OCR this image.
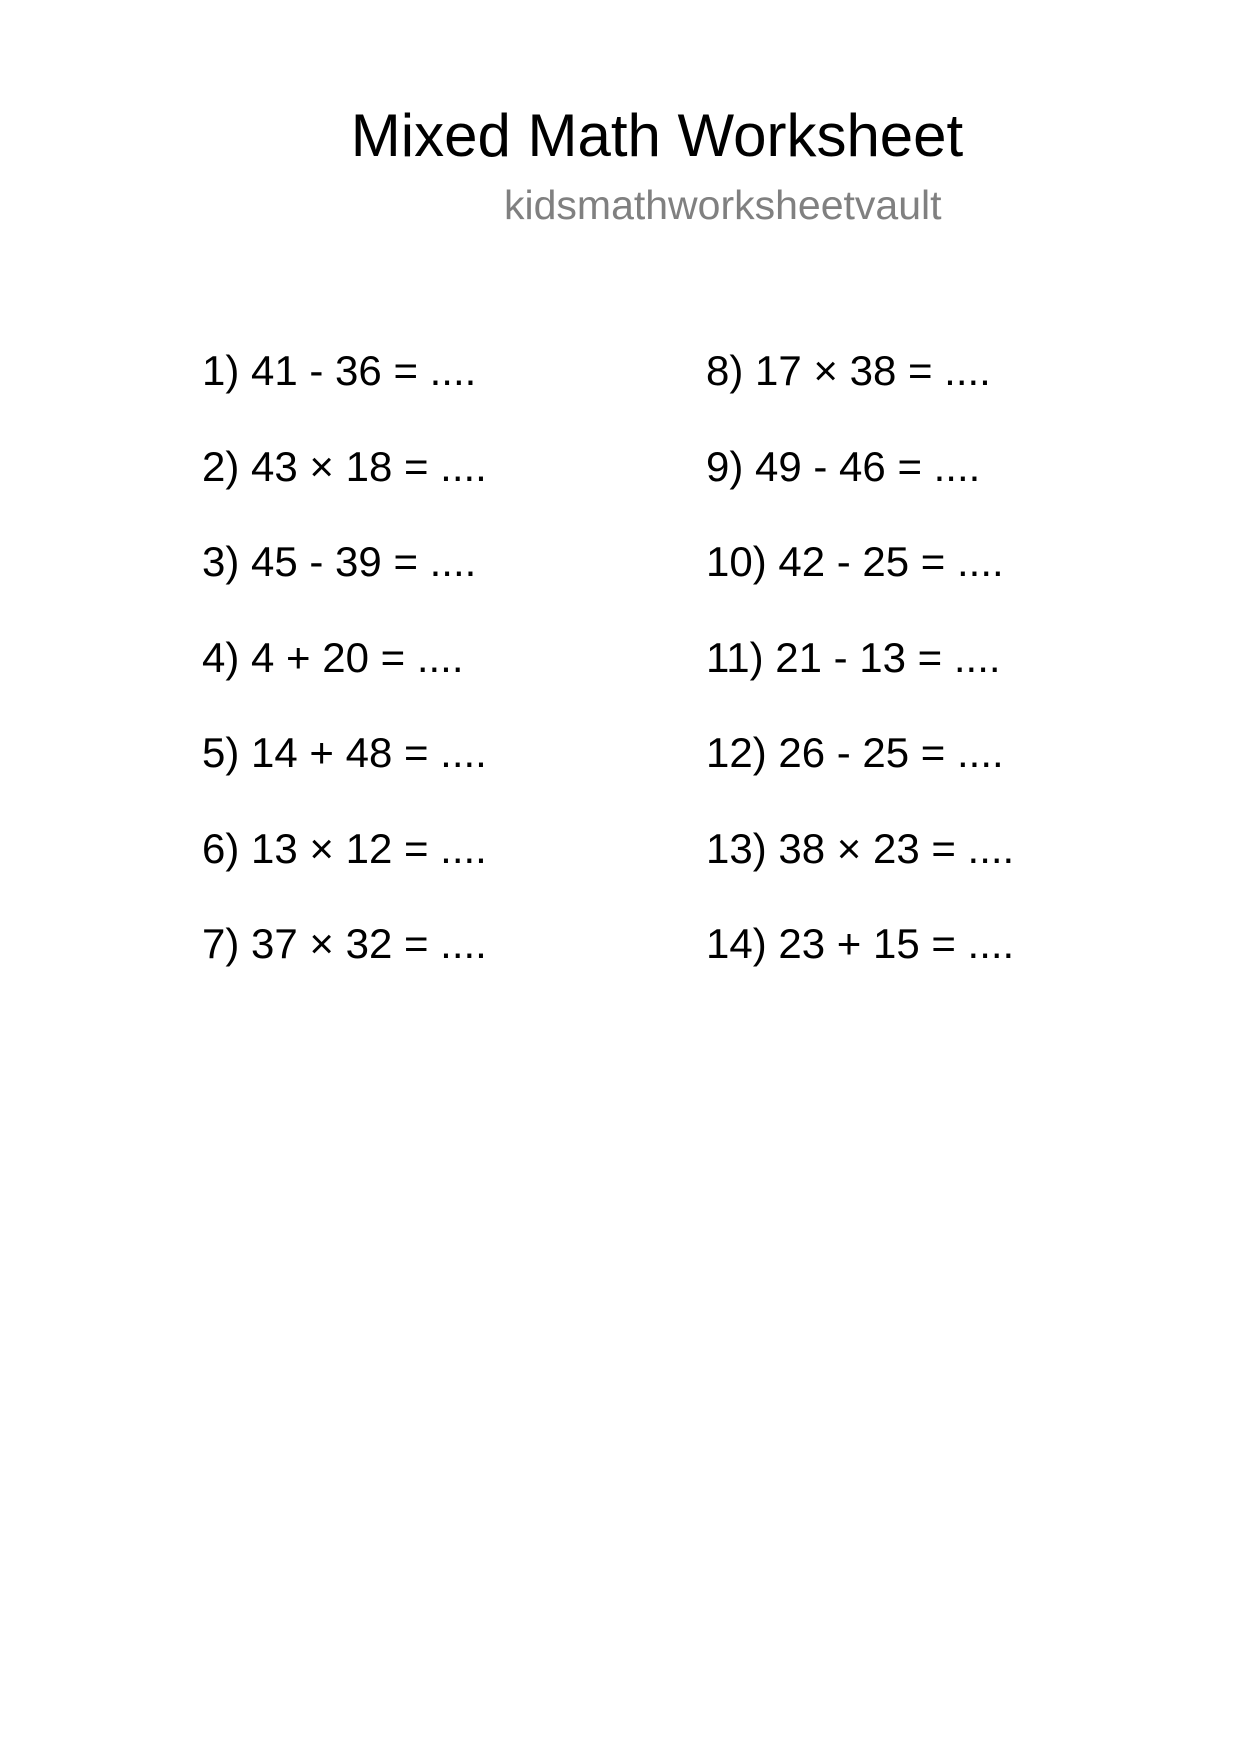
Mixed Math Worksheet
kidsmathworksheetvault
1) 41 - 36 = ....
2) 43 × 18 = ....
3) 45 - 39 = ....
4) 4 + 20 = ....
5) 14 + 48 = ....
6) 13 × 12 = ....
7) 37 × 32 = ....
8) 17 × 38 = ....
9) 49 - 46 = ....
10) 42 - 25 = ....
11) 21 - 13 = ....
12) 26 - 25 = ....
13) 38 × 23 = ....
14) 23 + 15 = ....
